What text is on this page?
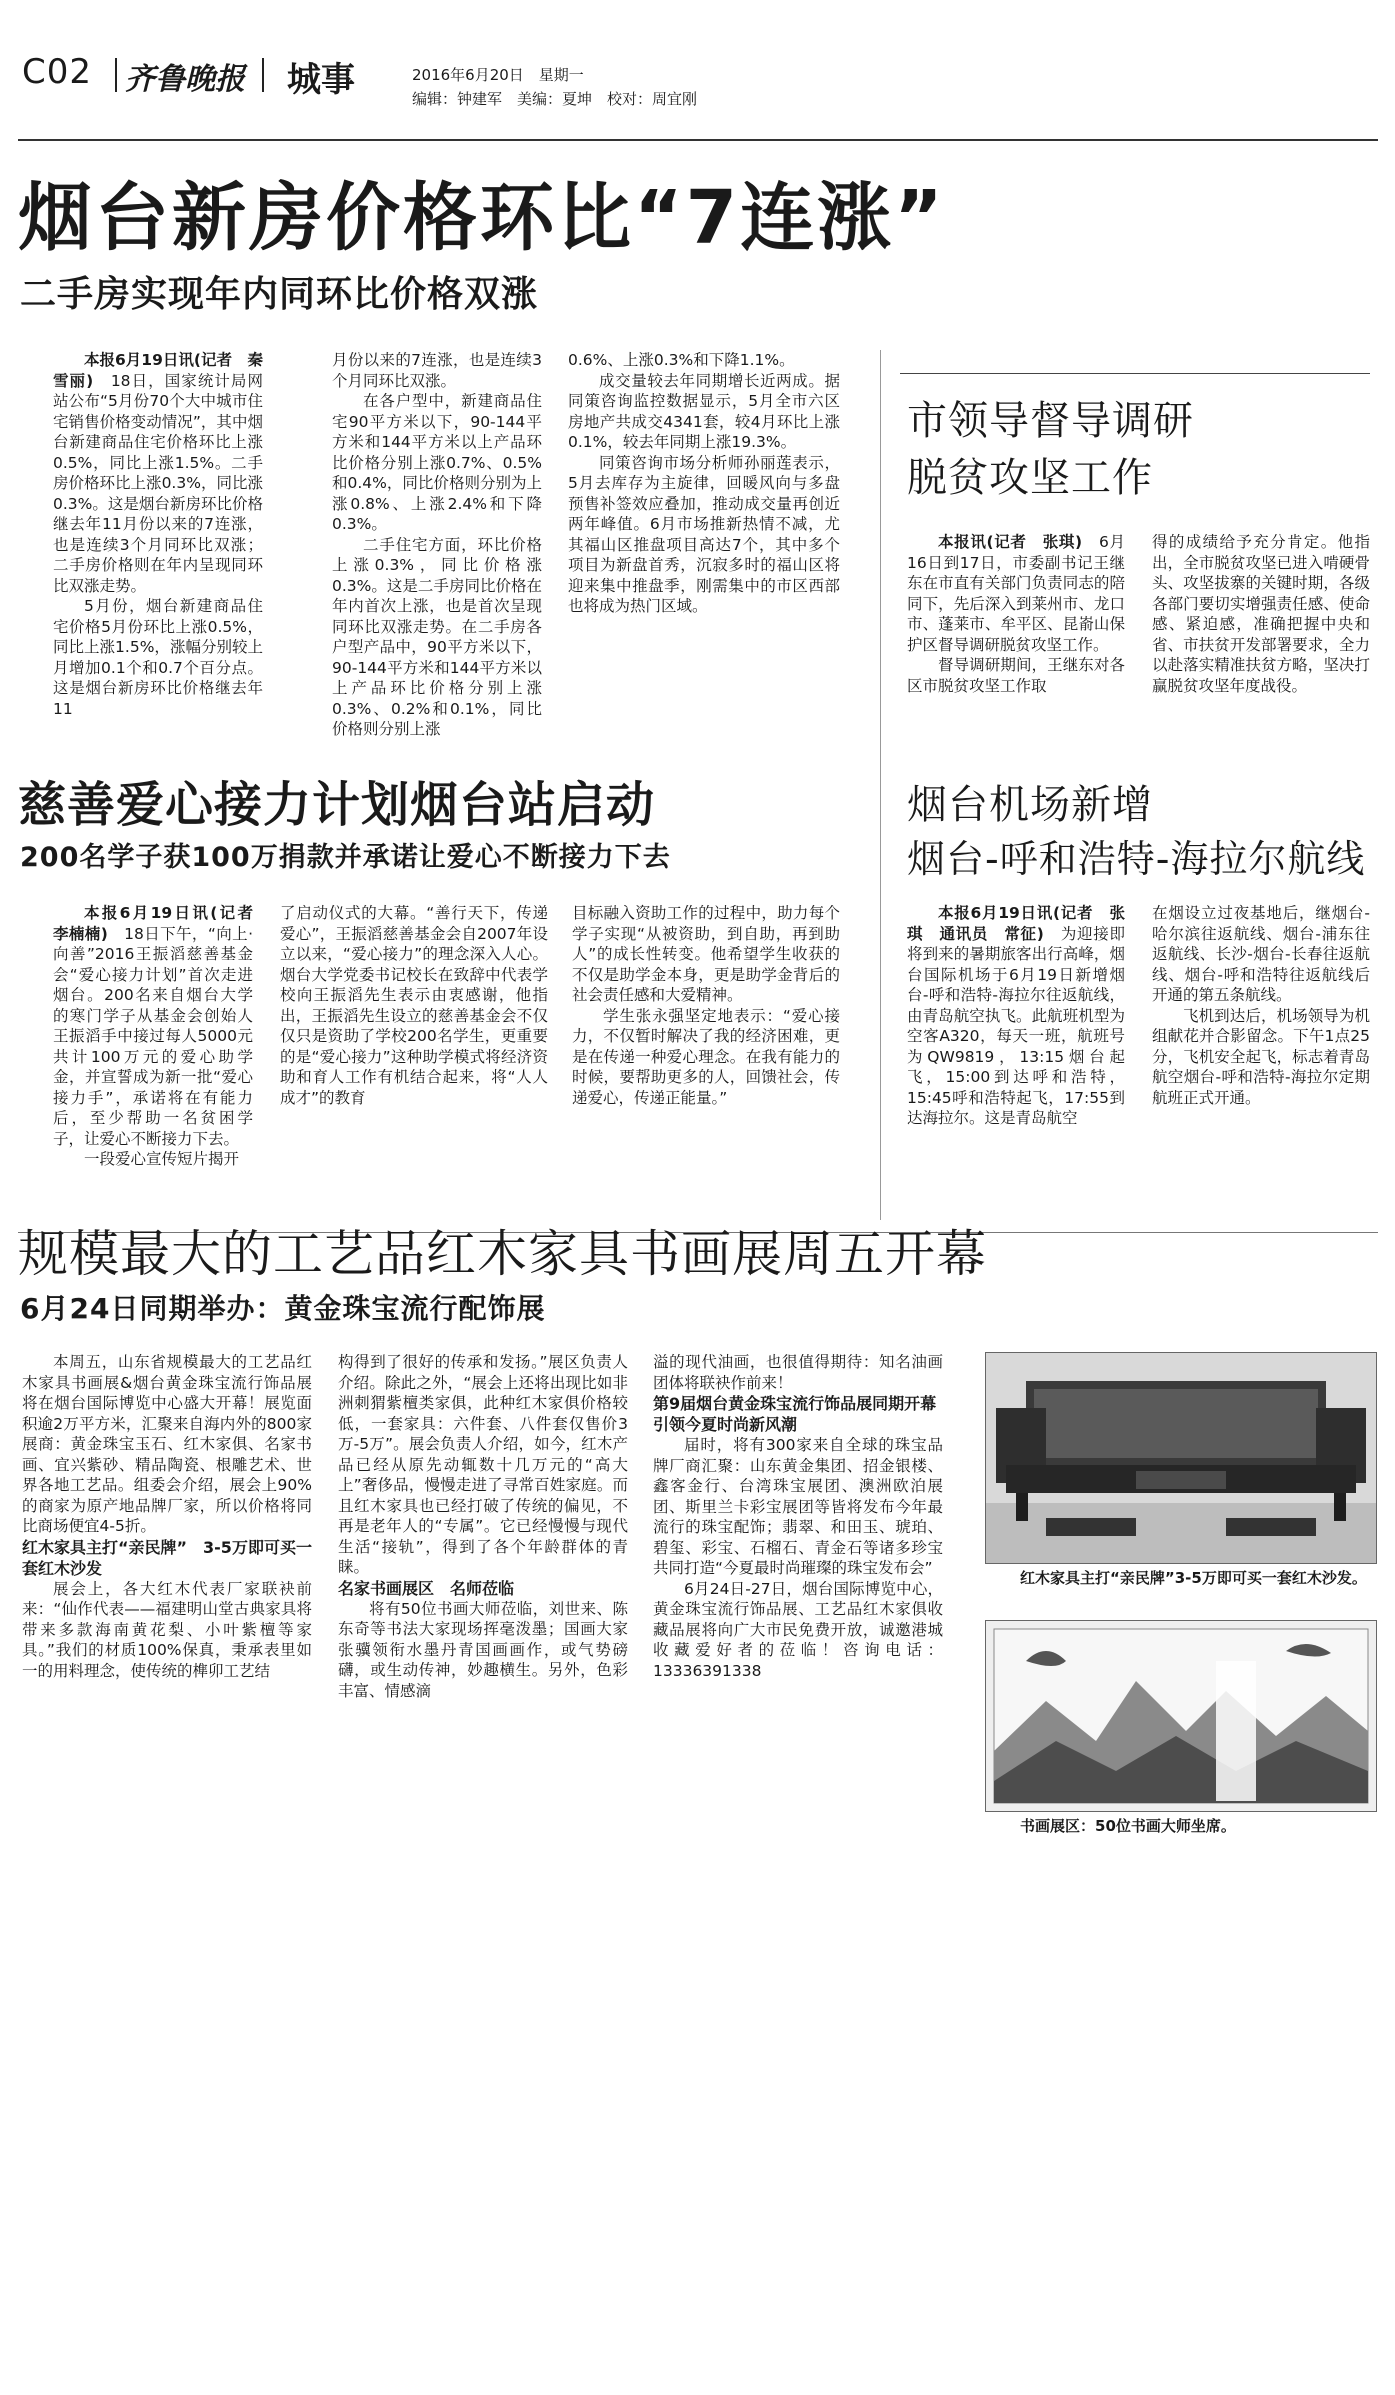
C02 齐鲁晚报 城事	2016年6月20日　星期一
编辑：钟建军　美编：夏坤　校对：周宜刚
烟台新房价格环比“7连涨”
二手房实现年内同环比价格双涨

本报6月19日讯(记者　秦雪丽)　18日，国家统计局网站公布“5月份70个大中城市住宅销售价格变动情况”，其中烟台新建商品住宅价格环比上涨0.5%，同比上涨1.5%。二手房价格环比上涨0.3%，同比涨0.3%。这是烟台新房环比价格继去年11月份以来的7连涨，也是连续3个月同环比双涨；二手房价格则在年内呈现同环比双涨走势。

5月份，烟台新建商品住宅价格5月份环比上涨0.5%，同比上涨1.5%，涨幅分别较上月增加0.1个和0.7个百分点。这是烟台新房环比价格继去年11

月份以来的7连涨，也是连续3个月同环比双涨。

在各户型中，新建商品住宅90平方米以下，90-144平方米和144平方米以上产品环比价格分别上涨0.7%、0.5%和0.4%，同比价格则分别为上涨0.8%、上涨2.4%和下降0.3%。

二手住宅方面，环比价格上涨0.3%，同比价格涨0.3%。这是二手房同比价格在年内首次上涨，也是首次呈现同环比双涨走势。在二手房各户型产品中，90平方米以下，90-144平方米和144平方米以上产品环比价格分别上涨0.3%、0.2%和0.1%，同比价格则分别上涨

0.6%、上涨0.3%和下降1.1%。

成交量较去年同期增长近两成。据同策咨询监控数据显示，5月全市六区房地产共成交4341套，较4月环比上涨0.1%，较去年同期上涨19.3%。

同策咨询市场分析师孙丽莲表示，5月去库存为主旋律，回暖风向与多盘预售补签效应叠加，推动成交量再创近两年峰值。6月市场推新热情不减，尤其福山区推盘项目高达7个，其中多个项目为新盘首秀，沉寂多时的福山区将迎来集中推盘季，刚需集中的市区西部也将成为热门区域。

市领导督导调研
脱贫攻坚工作

本报讯(记者　张琪)　6月16日到17日，市委副书记王继东在市直有关部门负责同志的陪同下，先后深入到莱州市、龙口市、蓬莱市、牟平区、昆嵛山保护区督导调研脱贫攻坚工作。

督导调研期间，王继东对各区市脱贫攻坚工作取

得的成绩给予充分肯定。他指出，全市脱贫攻坚已进入啃硬骨头、攻坚拔寨的关键时期，各级各部门要切实增强责任感、使命感、紧迫感，准确把握中央和省、市扶贫开发部署要求，全力以赴落实精准扶贫方略，坚决打赢脱贫攻坚年度战役。

慈善爱心接力计划烟台站启动
200名学子获100万捐款并承诺让爱心不断接力下去

本报6月19日讯(记者　李楠楠)　18日下午，“向上·向善”2016王振滔慈善基金会“爱心接力计划”首次走进烟台。200名来自烟台大学的寒门学子从基金会创始人王振滔手中接过每人5000元共计100万元的爱心助学金，并宣誓成为新一批“爱心接力手”，承诺将在有能力后，至少帮助一名贫困学子，让爱心不断接力下去。

一段爱心宣传短片揭开

了启动仪式的大幕。“善行天下，传递爱心”，王振滔慈善基金会自2007年设立以来，“爱心接力”的理念深入人心。烟台大学党委书记校长在致辞中代表学校向王振滔先生表示由衷感谢，他指出，王振滔先生设立的慈善基金会不仅仅只是资助了学校200名学生，更重要的是“爱心接力”这种助学模式将经济资助和育人工作有机结合起来，将“人人成才”的教育

目标融入资助工作的过程中，助力每个学子实现“从被资助，到自助，再到助人”的成长性转变。他希望学生收获的不仅是助学金本身，更是助学金背后的社会责任感和大爱精神。

学生张永强坚定地表示：“爱心接力，不仅暂时解决了我的经济困难，更是在传递一种爱心理念。在我有能力的时候，要帮助更多的人，回馈社会，传递爱心，传递正能量。”

烟台机场新增
烟台-呼和浩特-海拉尔航线

本报6月19日讯(记者　张琪　通讯员　常征)　为迎接即将到来的暑期旅客出行高峰，烟台国际机场于6月19日新增烟台-呼和浩特-海拉尔往返航线，由青岛航空执飞。此航班机型为空客A320，每天一班，航班号为QW9819，13:15烟台起飞，15:00到达呼和浩特，15:45呼和浩特起飞，17:55到达海拉尔。这是青岛航空

在烟设立过夜基地后，继烟台-哈尔滨往返航线、烟台-浦东往返航线、长沙-烟台-长春往返航线、烟台-呼和浩特往返航线后开通的第五条航线。

飞机到达后，机场领导为机组献花并合影留念。下午1点25分，飞机安全起飞，标志着青岛航空烟台-呼和浩特-海拉尔定期航班正式开通。

规模最大的工艺品红木家具书画展周五开幕
6月24日同期举办：黄金珠宝流行配饰展

本周五，山东省规模最大的工艺品红木家具书画展&烟台黄金珠宝流行饰品展将在烟台国际博览中心盛大开幕！展览面积逾2万平方米，汇聚来自海内外的800家展商：黄金珠宝玉石、红木家俱、名家书画、宜兴紫砂、精品陶瓷、根雕艺术、世界各地工艺品。组委会介绍，展会上90%的商家为原产地品牌厂家，所以价格将同比商场便宜4-5折。

红木家具主打“亲民牌”　3-5万即可买一套红木沙发

展会上，各大红木代表厂家联袂前来：“仙作代表——福建明山堂古典家具将带来多款海南黄花梨、小叶紫檀等家具。”我们的材质100%保真，秉承表里如一的用料理念，使传统的榫卯工艺结

构得到了很好的传承和发扬。”展区负责人介绍。除此之外，“展会上还将出现比如非洲刺猬紫檀类家俱，此种红木家俱价格较低，一套家具：六件套、八件套仅售价3万-5万”。展会负责人介绍，如今，红木产品已经从原先动辄数十几万元的“高大上”奢侈品，慢慢走进了寻常百姓家庭。而且红木家具也已经打破了传统的偏见，不再是老年人的“专属”。它已经慢慢与现代生活“接轨”，得到了各个年龄群体的青睐。

名家书画展区　名师莅临

将有50位书画大师莅临，刘世来、陈东奇等书法大家现场挥毫泼墨；国画大家张骥领衔水墨丹青国画画作，或气势磅礴，或生动传神，妙趣横生。另外，色彩丰富、情感滴

溢的现代油画，也很值得期待：知名油画团体将联袂作前来！

第9届烟台黄金珠宝流行饰品展同期开幕　引领今夏时尚新风潮

届时，将有300家来自全球的珠宝品牌厂商汇聚：山东黄金集团、招金银楼、鑫客金行、台湾珠宝展团、澳洲欧泊展团、斯里兰卡彩宝展团等皆将发布今年最流行的珠宝配饰；翡翠、和田玉、琥珀、碧玺、彩宝、石榴石、青金石等诸多珍宝共同打造“今夏最时尚璀璨的珠宝发布会”

6月24日-27日，烟台国际博览中心，黄金珠宝流行饰品展、工艺品红木家俱收藏品展将向广大市民免费开放，诚邀港城收藏爱好者的莅临！咨询电话：13336391338

红木家具主打“亲民牌”3-5万即可买一套红木沙发。

书画展区：50位书画大师坐席。
